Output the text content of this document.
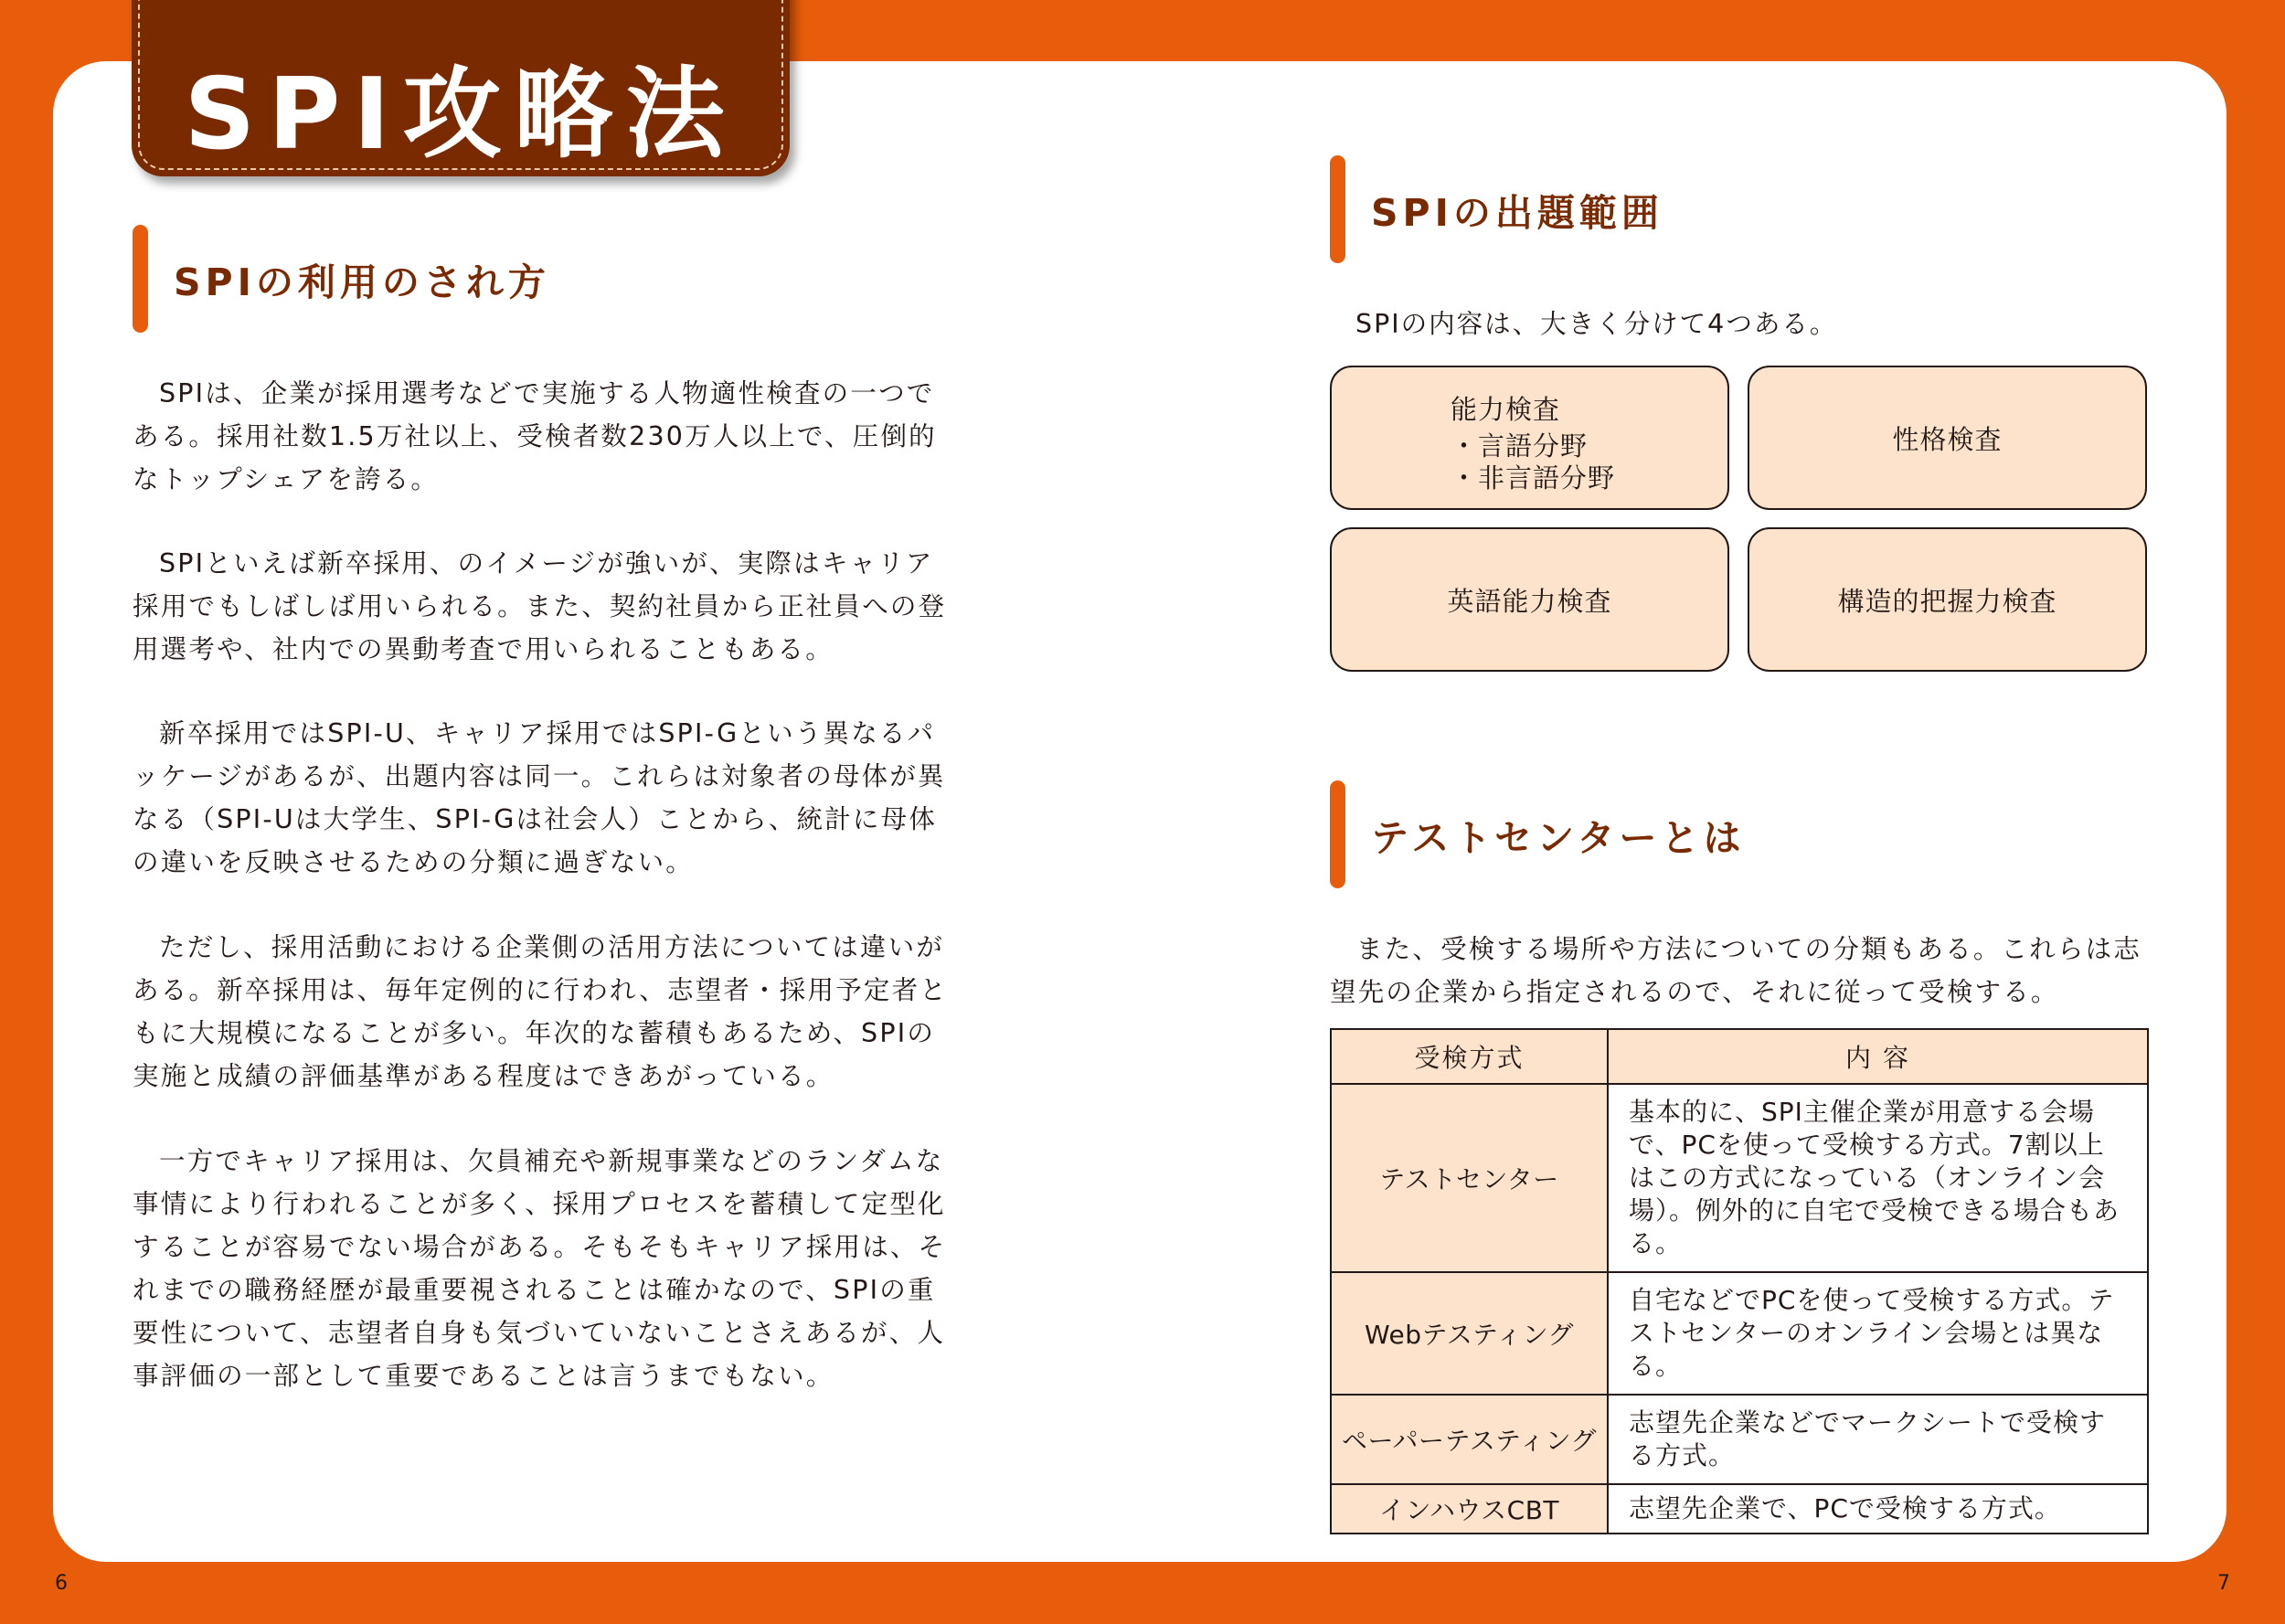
SPI攻略法
SPIの利用のされ方

SPIは、企業が採用選考などで実施する人物適性検査の一つである。採用社数1.5万社以上、受検者数230万人以上で、圧倒的なトップシェアを誇る。

SPIといえば新卒採用、のイメージが強いが、実際はキャリア採用でもしばしば用いられる。また、契約社員から正社員への登用選考や、社内での異動考査で用いられることもある。

新卒採用ではSPI-U、キャリア採用ではSPI-Gという異なるパッケージがあるが、出題内容は同一。これらは対象者の母体が異なる（SPI-Uは大学生、SPI-Gは社会人）ことから、統計に母体の違いを反映させるための分類に過ぎない。

ただし、採用活動における企業側の活用方法については違いがある。新卒採用は、毎年定例的に行われ、志望者・採用予定者ともに大規模になることが多い。年次的な蓄積もあるため、SPIの実施と成績の評価基準がある程度はできあがっている。

一方でキャリア採用は、欠員補充や新規事業などのランダムな事情により行われることが多く、採用プロセスを蓄積して定型化することが容易でない場合がある。そもそもキャリア採用は、それまでの職務経歴が最重要視されることは確かなので、SPIの重要性について、志望者自身も気づいていないことさえあるが、人事評価の一部として重要であることは言うまでもない。

6
SPIの出題範囲
SPIの内容は、大きく分けて4つある。
能力検査
・言語分野
・非言語分野
性格検査
英語能力検査	構造的把握力検査
テストセンターとは

また、受検する場所や方法についての分類もある。これらは志望先の企業から指定されるので、それに従って受検する。

受検方式	内 容
テストセンター	基本的に、SPI主催企業が用意する会場で、PCを使って受検する方式。7割以上はこの方式になっている（オンライン会場）。例外的に自宅で受検できる場合もある。
Webテスティング	自宅などでPCを使って受検する方式。テストセンターのオンライン会場とは異なる。
ペーパーテスティング	志望先企業などでマークシートで受検する方式。
インハウスCBT	志望先企業で、PCで受検する方式。
7
